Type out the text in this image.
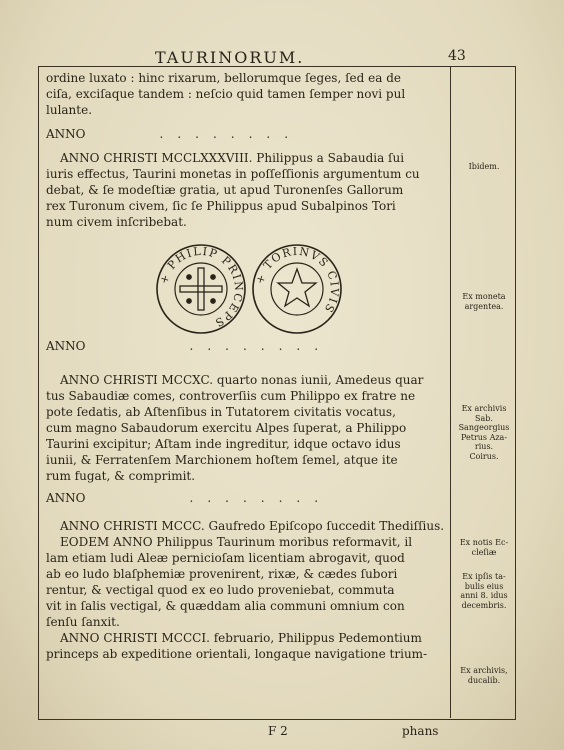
TAURINORUM.	43

ordine luxato : hinc rixarum, bellorumque ſeges, ſed ea de
ciſa, exciſaque tandem : neſcio quid tamen ſemper novi pul
lulante.

ANNO	........

ANNO CHRISTI MCCLXXXVIII. Philippus a Sabaudia ſui
iuris effectus, Taurini monetas in poſſeſſionis argumentum cu
debat, & ſe modeſtiæ gratia, ut apud Turonenſes Gallorum
rex Turonum civem, ſic ſe Philippus apud Subalpinos Tori
num civem inſcribebat.

+ PHILIP PRINCEPS
+ TORINVS CIVIS
ANNO	........

ANNO CHRISTI MCCXC. quarto nonas iunii, Amedeus quar
tus Sabaudiæ comes, controverſiis cum Philippo ex fratre ne
pote ſedatis, ab Aſtenſibus in Tutatorem civitatis vocatus,
cum magno Sabaudorum exercitu Alpes ſuperat, a Philippo
Taurini excipitur; Aſtam inde ingreditur, idque octavo idus
iunii, & Ferratenſem Marchionem hoſtem ſemel, atque ite
rum fugat, & comprimit.

ANNO	........

ANNO CHRISTI MCCC. Gaufredo Epiſcopo ſuccedit Thediſſius.
EODEM ANNO Philippus Taurinum moribus reformavit, il
lam etiam ludi Aleæ pernicioſam licentiam abrogavit, quod
ab eo ludo blaſphemiæ provenirent, rixæ, & cædes ſubori
rentur, & vectigal quod ex eo ludo proveniebat, commuta
vit in ſalis vectigal, & quæddam alia communi omnium con
ſenſu ſanxit.

ANNO CHRISTI MCCCI. februario, Philippus Pedemontium
princeps ab expeditione orientali, longaque navigatione trium-

Ibidem.
Ex moneta
argentea.
Ex archivis
Sab.
Sangeorgius
Petrus Aza-
rius.
Coirus.
Ex notis Ec-
cleſiæ
Ex ipſis ta-
bulis eius
anni 8. idus
decembris.
Ex archivis,
ducalib.
F 2	phans
